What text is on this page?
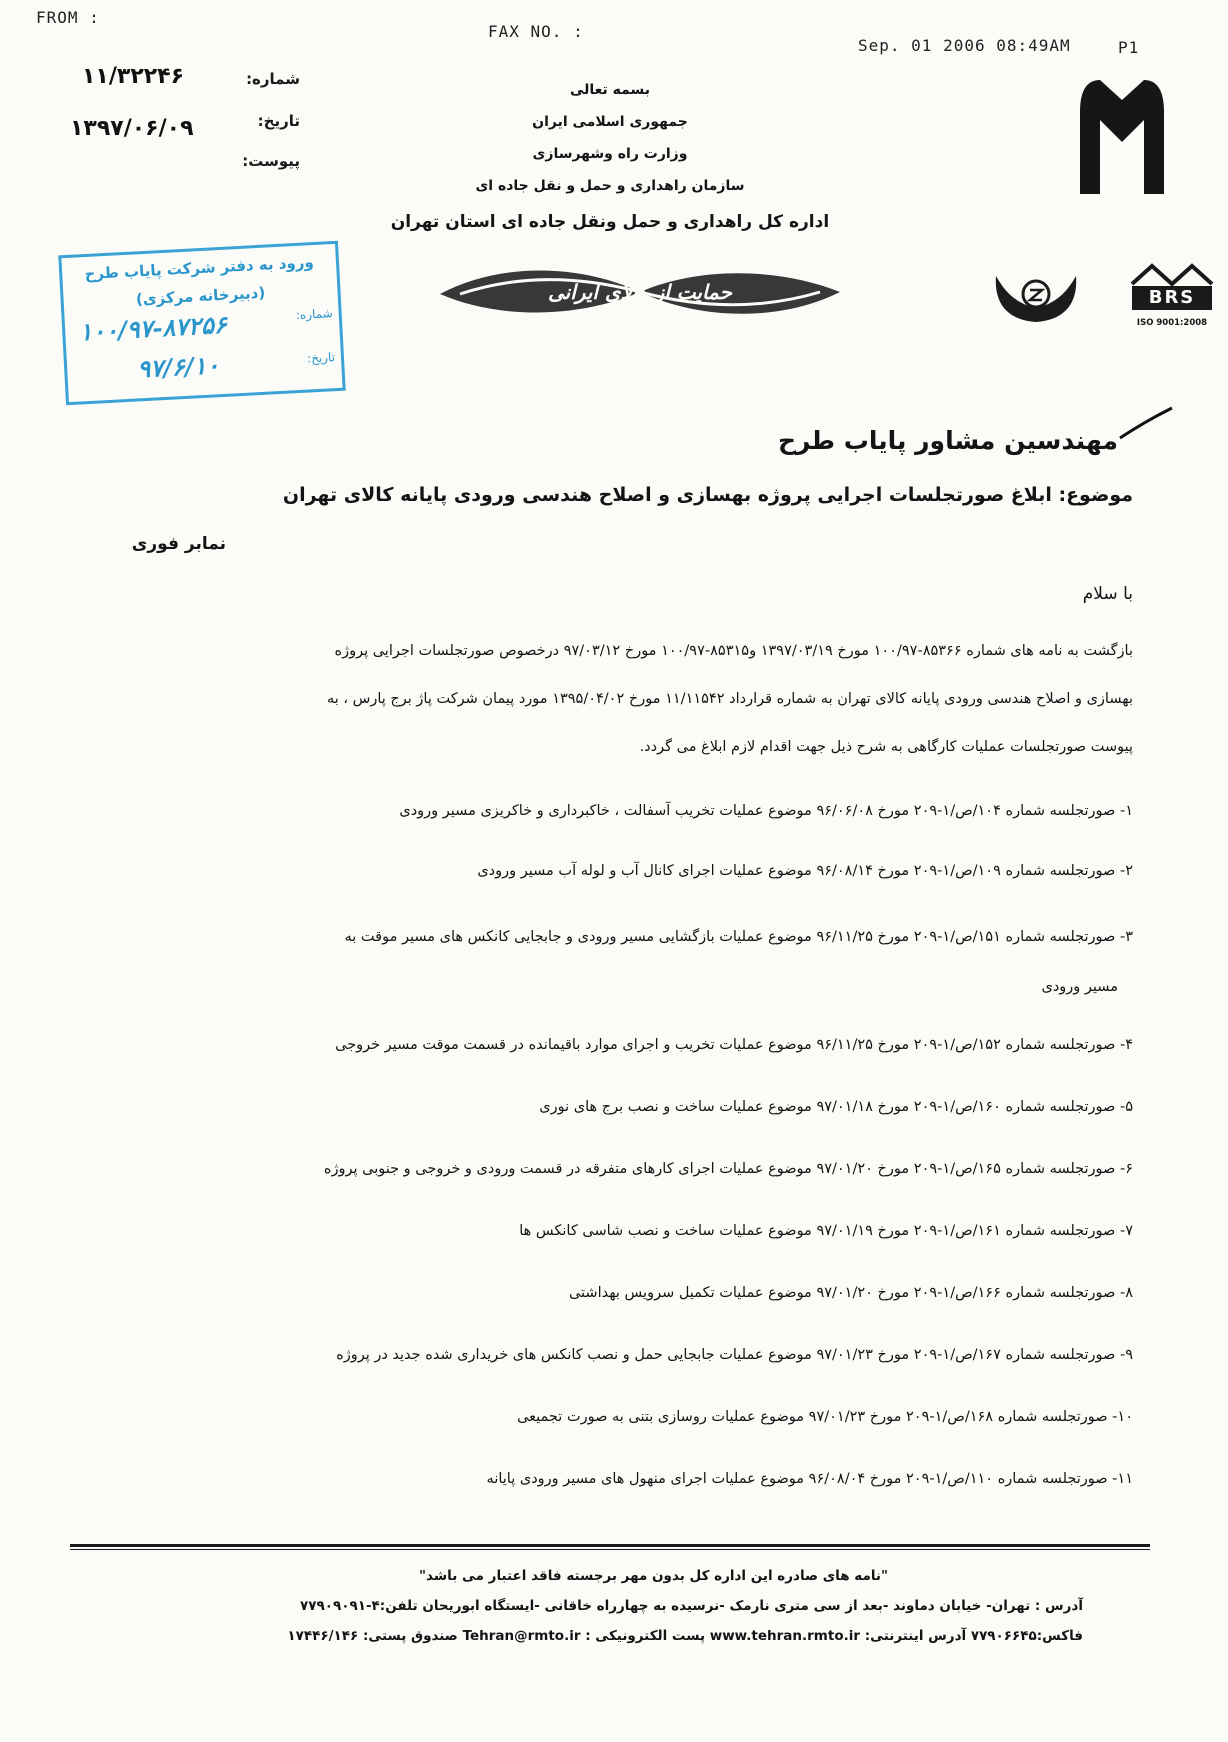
FROM :
FAX NO. :
Sep. 01 2006 08:49AM	P1
شماره:
۱۱/۳۲۲۴۶
تاریخ:
۱۳۹۷/۰۶/۰۹
پیوست:
بسمه تعالی
جمهوری اسلامی ایران
وزارت راه وشهرسازی
سازمان راهداری و حمل و نقل جاده ای
اداره کل راهداری و حمل ونقل جاده ای استان تهران
حمایت از کالای ایرانی	BRS
ISO 9001:2008
ورود به دفتر شرکت پایاب طرح
(دبیرخانه مرکزی)
شماره:
۱۰۰/۹۷-۸۷۲۵۶
تاریخ:
۹۷/۶/۱۰
مهندسین مشاور پایاب طرح
موضوع: ابلاغ صورتجلسات اجرایی پروژه بهسازی و اصلاح هندسی ورودی پایانه کالای تهران
نمابر فوری
با سلام
بازگشت به نامه های شماره ۸۵۳۶۶-۱۰۰/۹۷ مورخ ۱۳۹۷/۰۳/۱۹ و۸۵۳۱۵-۱۰۰/۹۷ مورخ ۹۷/۰۳/۱۲ درخصوص صورتجلسات اجرایی پروژه
بهسازی و اصلاح هندسی ورودی پایانه کالای تهران به شماره قرارداد ۱۱/۱۱۵۴۲ مورخ ۱۳۹۵/۰۴/۰۲ مورد پیمان شرکت پاژ برج پارس ، به
پیوست صورتجلسات عملیات کارگاهی به شرح ذیل جهت اقدام لازم ابلاغ می گردد.
۱- صورتجلسه شماره ۱۰۴/ص/۱-۲۰۹ مورخ ۹۶/۰۶/۰۸ موضوع عملیات تخریب آسفالت ، خاکبرداری و خاکریزی مسیر ورودی
۲- صورتجلسه شماره ۱۰۹/ص/۱-۲۰۹ مورخ ۹۶/۰۸/۱۴ موضوع عملیات اجرای کانال آب و لوله آب مسیر ورودی
۳- صورتجلسه شماره ۱۵۱/ص/۱-۲۰۹ مورخ ۹۶/۱۱/۲۵ موضوع عملیات بازگشایی مسیر ورودی و جابجایی کانکس های مسیر موقت به
مسیر ورودی
۴- صورتجلسه شماره ۱۵۲/ص/۱-۲۰۹ مورخ ۹۶/۱۱/۲۵ موضوع عملیات تخریب و اجرای موارد باقیمانده در قسمت موقت مسیر خروجی
۵- صورتجلسه شماره ۱۶۰/ص/۱-۲۰۹ مورخ ۹۷/۰۱/۱۸ موضوع عملیات ساخت و نصب برج های نوری
۶- صورتجلسه شماره ۱۶۵/ص/۱-۲۰۹ مورخ ۹۷/۰۱/۲۰ موضوع عملیات اجرای کارهای متفرقه در قسمت ورودی و خروجی و جنوبی پروژه
۷- صورتجلسه شماره ۱۶۱/ص/۱-۲۰۹ مورخ ۹۷/۰۱/۱۹ موضوع عملیات ساخت و نصب شاسی کانکس ها
۸- صورتجلسه شماره ۱۶۶/ص/۱-۲۰۹ مورخ ۹۷/۰۱/۲۰ موضوع عملیات تکمیل سرویس بهداشتی
۹- صورتجلسه شماره ۱۶۷/ص/۱-۲۰۹ مورخ ۹۷/۰۱/۲۳ موضوع عملیات جابجایی حمل و نصب کانکس های خریداری شده جدید در پروژه
۱۰- صورتجلسه شماره ۱۶۸/ص/۱-۲۰۹ مورخ ۹۷/۰۱/۲۳ موضوع عملیات روسازی بتنی به صورت تجمیعی
۱۱- صورتجلسه شماره ۱۱۰/ص/۱-۲۰۹ مورخ ۹۶/۰۸/۰۴ موضوع عملیات اجرای منهول های مسیر ورودی پایانه
"نامه های صادره این اداره کل بدون مهر برجسته فاقد اعتبار می باشد"
آدرس : تهران- خیابان دماوند -بعد از سی متری نارمک -نرسیده به چهارراه خاقانی -ایستگاه ابوریحان تلفن:۴-۷۷۹۰۹۰۹۱
فاکس:۷۷۹۰۶۶۴۵ آدرس اینترنتی: www.tehran.rmto.ir پست الکترونیکی : Tehran@rmto.ir صندوق پستی: ۱۷۴۴۶/۱۴۶
